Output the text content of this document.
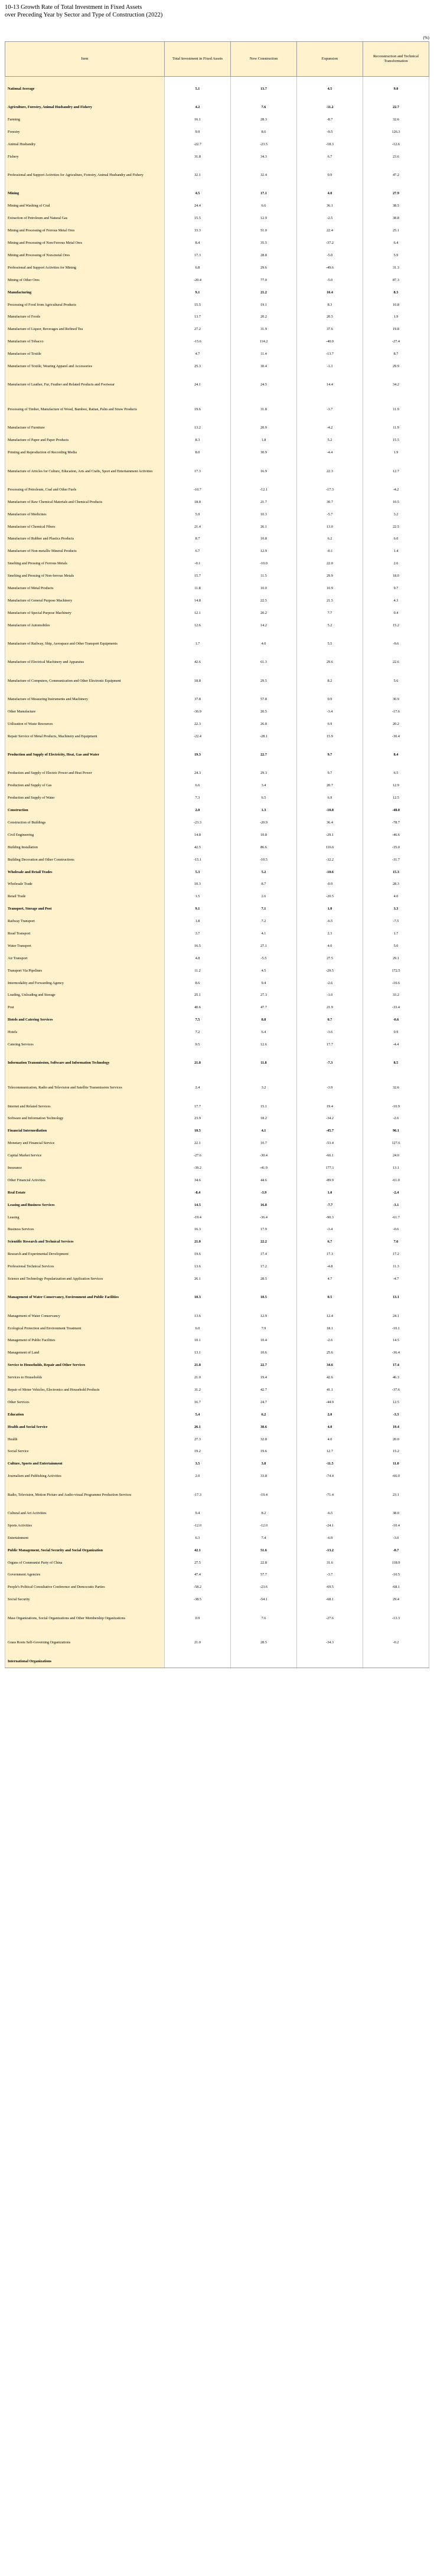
10-13 Growth Rate of Total Investment in Fixed Assets
over Preceding Year by Sector and Type of Construction (2022)
(%)
Item	Total Investment in Fixed Assets	New Construction	Expansion	Reconstruction and Technical Transformation
National Average	5.1	13.7	4.5	9.0
Agriculture, Forestry, Animal Husbandry and Fishery	4.2	7.6	-11.2	22.7
Farming	16.1	28.3	-8.7	32.6
Forestry	9.9	8.6	-9.5	126.3
Animal Husbandry	-22.7	-23.5	-18.3	-12.6
Fishery	31.8	34.3	6.7	23.6
Professional and Support Activities for Agriculture, Forestry, Animal Husbandry and Fishery	32.1	32.4	0.9	47.2
Mining	4.5	17.1	4.0	27.9
Mining and Washing of Coal	24.4	6.6	36.1	38.5
Extraction of Petroleum and Natural Gas	15.5	12.9	-2.5	38.8
Mining and Processing of Ferrous Metal Ores	33.3	51.0	22.4	25.1
Mining and Processing of Non-Ferrous Metal Ores	8.4	35.5	-37.2	6.4
Mining and Processing of Non-metal Ores	17.3	28.8	-5.0	5.9
Professional and Support Activities for Mining	6.8	29.6	-49.6	31.3
Mining of Other Ores	-20.4	77.0	-5.0	87.3
Manufacturing	9.1	21.2	10.4	8.3
Processing of Food from Agricultural Products	15.5	19.1	8.3	10.8
Manufacture of Foods	13.7	20.2	20.5	1.9
Manufacture of Liquor, Beverages and Refined Tea	27.2	31.9	37.6	19.8
Manufacture of Tobacco	-15.6	114.2	-40.0	-27.4
Manufacture of Textile	4.7	11.4	-13.7	8.7
Manufacture of Textile, Wearing Apparel and Accessories	25.3	30.4	-1.3	29.9
Manufacture of Leather, Fur, Feather and Related Products and Footwear	24.1	24.5	14.4	34.2
Processing of Timber, Manufacture of Wood, Bamboo, Rattan, Palm and Straw Products	19.6	31.8	-3.7	11.9
Manufacture of Furniture	13.2	20.9	-4.2	11.9
Manufacture of Paper and Paper Products	8.3	1.8	5.2	15.5
Printing and Reproduction of Recording Media	8.0	30.9	-4.4	1.9
Manufacture of Articles for Culture, Education, Arts and Crafts, Sport and Entertainment Activities	17.3	16.9	22.3	12.7
Processing of Petroleum, Coal and Other Fuels	-10.7	-12.1	-17.3	-4.2
Manufacture of Raw Chemical Materials and Chemical Products	18.8	21.7	30.7	10.5
Manufacture of Medicines	5.9	10.3	-5.7	3.2
Manufacture of Chemical Fibers	21.4	26.1	13.0	22.5
Manufacture of Rubber and Plastics Products	8.7	10.8	6.2	6.0
Manufacture of Non-metallic Mineral Products	6.7	12.9	-0.1	1.4
Smelting and Pressing of Ferrous Metals	-0.1	-10.0	22.0	2.6
Smelting and Pressing of Non-ferrous Metals	15.7	11.5	29.9	18.0
Manufacture of Metal Products	11.8	10.0	10.9	9.7
Manufacture of General Purpose Machinery	14.8	22.5	21.5	4.3
Manufacture of Special Purpose Machinery	12.1	20.2	7.7	0.4
Manufacture of Automobiles	12.6	14.2	5.2	15.2
Manufacture of Railway, Ship, Aerospace and Other Transport Equipments	1.7	4.0	5.5	-9.6
Manufacture of Electrical Machinery and Apparatus	42.6	61.3	29.6	22.6
Manufacture of Computers, Communication and Other Electronic Equipment	18.8	29.5	8.2	5.6
Manufacture of Measuring Instruments and Machinery	37.8	57.8	0.9	30.9
Other Manufacture	-36.9	20.5	-3.4	-17.6
Utilization of Waste Resources	22.3	26.8	6.9	20.2
Repair Service of Metal Products, Machinery and Equipment	-22.4	-28.1	15.9	-30.4
Production and Supply of Electricity, Heat, Gas and Water	19.3	22.7	9.7	8.4
Production and Supply of Electric Power and Heat Power	24.3	29.3	9.7	6.5
Production and Supply of Gas	6.6	3.4	20.7	12.9
Production and Supply of Water	7.3	6.5	6.9	12.5
Construction	2.0	1.3	-10.8	-48.0
Construction of Buildings	-23.3	-20.9	36.4	-78.7
Civil Engineering	14.8	10.8	-29.1	-46.6
Building Installation	42.5	86.6	116.6	-35.0
Building Decoration and Other Constructions	-15.1	-10.5	-32.2	-31.7
Wholesale and Retail Trades	5.3	5.2	-10.6	15.3
Wholesale Trade	10.3	8.7	-0.9	28.3
Retail Trade	1.5	2.6	-20.5	4.0
Transport, Storage and Post	9.1	7.1	1.0	3.3
Railway Transport	1.8	7.2	-6.5	-7.5
Road Transport	3.7	4.1	2.3	1.7
Water Transport	16.5	27.1	4.0	5.0
Air Transport	4.8	-5.5	27.5	29.1
Transport Via Pipelines	11.2	4.5	-29.5	172.5
Intermodality and Forwarding Agency	8.6	9.4	-2.6	-10.6
Loading, Unloading and Storage	25.1	27.3	-1.0	33.2
Post	40.6	47.7	21.9	-33.4
Hotels and Catering Services	7.5	8.8	0.7	-0.6
Hotels	7.2	6.4	-3.6	0.9
Catering Services	9.5	12.6	17.7	-4.4
Information Transmission, Software and Information Technology	21.8	11.8	-7.3	8.5
Telecommunication, Radio and Television and Satellite Transmission Services	2.4	3.2	-3.9	32.6
Internet and Related Services	17.7	15.1	19.4	-10.9
Software and Information Technology	23.9	18.2	-34.2	-2.6
Financial Intermediation	10.5	4.1	-45.7	96.1
Monetary and Financial Service	22.1	10.7	-53.4	127.6
Capital Market Service	-27.6	-30.4	-66.1	24.0
Insurance	-39.2	-41.9	177.1	13.1
Other Financial Activities	34.6	44.6	-89.9	-61.0
Real Estate	-8.4	-3.9	1.0	-2.4
Leasing and Business Services	14.5	16.8	-7.7	-3.1
Leasing	-19.4	-36.4	-90.3	-61.7
Business Services	16.3	17.9	-3.4	-0.6
Scientific Research and Technical Services	21.0	22.2	6.7	7.6
Research and Experimental Development	19.6	17.4	17.3	17.2
Professional Technical Services	13.6	17.2	-4.8	11.3
Science and Technology Popularization and Application Services	26.1	28.5	4.7	-4.7
Management of Water Conservancy, Environment and Public Facilities	10.3	10.5	0.5	13.1
Management of Water Conservancy	13.6	12.9	12.4	24.1
Ecological Protection and Environment Treatment	6.0	7.9	18.1	-10.1
Management of Public Facilities	10.1	10.4	-2.6	14.5
Management of Land	13.1	10.6	25.6	-36.4
Service to Households, Repair and Other Services	21.8	22.7	34.6	17.4
Services to Households	21.0	19.4	42.6	46.3
Repair of Motor Vehicles, Electronics and Household Products	31.2	42.7	41.1	-37.6
Other Services	16.7	24.7	-44.9	12.5
Education	5.4	6.2	2.0	-3.3
Health and Social Service	26.1	30.6	4.0	19.4
Health	27.3	32.8	4.0	20.0
Social Service	19.2	19.6	12.7	15.2
Culture, Sports and Entertainment	3.5	3.8	-11.5	11.0
Journalism and Publishing Activities	2.0	33.8	-74.4	-66.0
Radio, Television, Motion Picture and Audio-visual Programme Production Services	-17.3	-19.4	-71.4	23.1
Cultural and Art Activities	9.4	8.2	-6.5	38.0
Sports Activities	-12.0	-12.0	-24.1	-10.4
Entertainment	6.3	7.4	-6.9	-3.0
Public Management, Social Security and Social Organization	42.1	51.6	-13.2	-8.7
Organs of Communist Party of China	27.5	22.8	31.6	118.9
Government Agencies	47.4	57.7	-3.7	-10.5
People's Political Consultative Conference and Democratic Parties	-58.2	-23.6	-69.5	-68.1
Social Security	-38.5	-54.1	-68.1	29.4
Mass Organizations, Social Organizations and Other Membership Organizations	0.9	7.6	-27.6	-13.3
Grass Roots Self-Governing Organizations	21.0	28.5	-34.3	-0.2
International Organizations				
